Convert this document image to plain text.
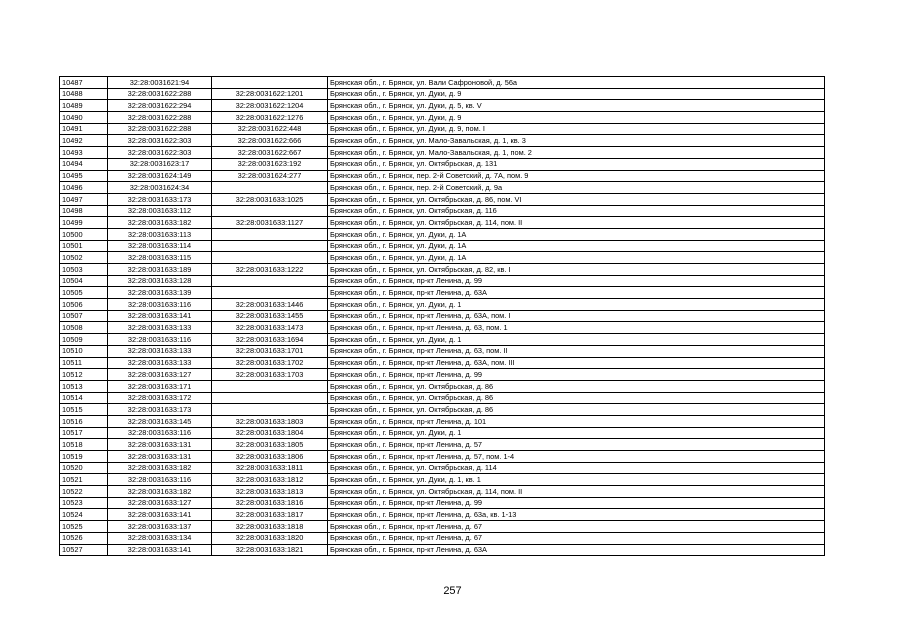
10487	32:28:0031621:94		Брянская обл., г. Брянск, ул. Вали Сафроновой, д. 56а
10488	32:28:0031622:288	32:28:0031622:1201	Брянская обл., г. Брянск, ул. Дуки, д. 9
10489	32:28:0031622:294	32:28:0031622:1204	Брянская обл., г. Брянск, ул. Дуки, д. 5, кв. V
10490	32:28:0031622:288	32:28:0031622:1276	Брянская обл., г. Брянск, ул. Дуки, д. 9
10491	32:28:0031622:288	32:28:0031622:448	Брянская обл., г. Брянск, ул. Дуки, д. 9, пом. I
10492	32:28:0031622:303	32:28:0031622:666	Брянская обл., г. Брянск, ул. Мало-Завальская, д. 1, кв. 3
10493	32:28:0031622:303	32:28:0031622:667	Брянская обл., г. Брянск, ул. Мало-Завальская, д. 1, пом. 2
10494	32:28:0031623:17	32:28:0031623:192	Брянская обл., г. Брянск, ул. Октябрьская, д. 131
10495	32:28:0031624:149	32:28:0031624:277	Брянская обл., г. Брянск, пер. 2-й Советский, д. 7А, пом. 9
10496	32:28:0031624:34		Брянская обл., г. Брянск, пер. 2-й Советский, д. 9а
10497	32:28:0031633:173	32:28:0031633:1025	Брянская обл., г. Брянск, ул. Октябрьская, д. 86, пом. VI
10498	32:28:0031633:112		Брянская обл., г. Брянск, ул. Октябрьская, д. 116
10499	32:28:0031633:182	32:28:0031633:1127	Брянская обл., г. Брянск, ул. Октябрьская, д. 114, пом. II
10500	32:28:0031633:113		Брянская обл., г. Брянск, ул. Дуки, д. 1А
10501	32:28:0031633:114		Брянская обл., г. Брянск, ул. Дуки, д. 1А
10502	32:28:0031633:115		Брянская обл., г. Брянск, ул. Дуки, д. 1А
10503	32:28:0031633:189	32:28:0031633:1222	Брянская обл., г. Брянск, ул. Октябрьская, д. 82, кв. I
10504	32:28:0031633:128		Брянская обл., г. Брянск, пр-кт Ленина, д. 99
10505	32:28:0031633:139		Брянская обл., г. Брянск, пр-кт Ленина, д. 63А
10506	32:28:0031633:116	32:28:0031633:1446	Брянская обл., г. Брянск, ул. Дуки, д. 1
10507	32:28:0031633:141	32:28:0031633:1455	Брянская обл., г. Брянск, пр-кт Ленина, д. 63А, пом. I
10508	32:28:0031633:133	32:28:0031633:1473	Брянская обл., г. Брянск, пр-кт Ленина, д. 63, пом. 1
10509	32:28:0031633:116	32:28:0031633:1694	Брянская обл., г. Брянск, ул. Дуки, д. 1
10510	32:28:0031633:133	32:28:0031633:1701	Брянская обл., г. Брянск, пр-кт Ленина, д. 63, пом. II
10511	32:28:0031633:133	32:28:0031633:1702	Брянская обл., г. Брянск, пр-кт Ленина, д. 63А, пом. III
10512	32:28:0031633:127	32:28:0031633:1703	Брянская обл., г. Брянск, пр-кт Ленина, д. 99
10513	32:28:0031633:171		Брянская обл., г. Брянск, ул. Октябрьская, д. 86
10514	32:28:0031633:172		Брянская обл., г. Брянск, ул. Октябрьская, д. 86
10515	32:28:0031633:173		Брянская обл., г. Брянск, ул. Октябрьская, д. 86
10516	32:28:0031633:145	32:28:0031633:1803	Брянская обл., г. Брянск, пр-кт Ленина, д. 101
10517	32:28:0031633:116	32:28:0031633:1804	Брянская обл., г. Брянск, ул. Дуки, д. 1
10518	32:28:0031633:131	32:28:0031633:1805	Брянская обл., г. Брянск, пр-кт Ленина, д. 57
10519	32:28:0031633:131	32:28:0031633:1806	Брянская обл., г. Брянск, пр-кт Ленина, д. 57, пом. 1-4
10520	32:28:0031633:182	32:28:0031633:1811	Брянская обл., г. Брянск, ул. Октябрьская, д. 114
10521	32:28:0031633:116	32:28:0031633:1812	Брянская обл., г. Брянск, ул. Дуки, д. 1, кв. 1
10522	32:28:0031633:182	32:28:0031633:1813	Брянская обл., г. Брянск, ул. Октябрьская, д. 114, пом. II
10523	32:28:0031633:127	32:28:0031633:1816	Брянская обл., г. Брянск, пр-кт Ленина, д. 99
10524	32:28:0031633:141	32:28:0031633:1817	Брянская обл., г. Брянск, пр-кт Ленина, д. 63а, кв. 1-13
10525	32:28:0031633:137	32:28:0031633:1818	Брянская обл., г. Брянск, пр-кт Ленина, д. 67
10526	32:28:0031633:134	32:28:0031633:1820	Брянская обл., г. Брянск, пр-кт Ленина, д. 67
10527	32:28:0031633:141	32:28:0031633:1821	Брянская обл., г. Брянск, пр-кт Ленина, д. 63А
257
